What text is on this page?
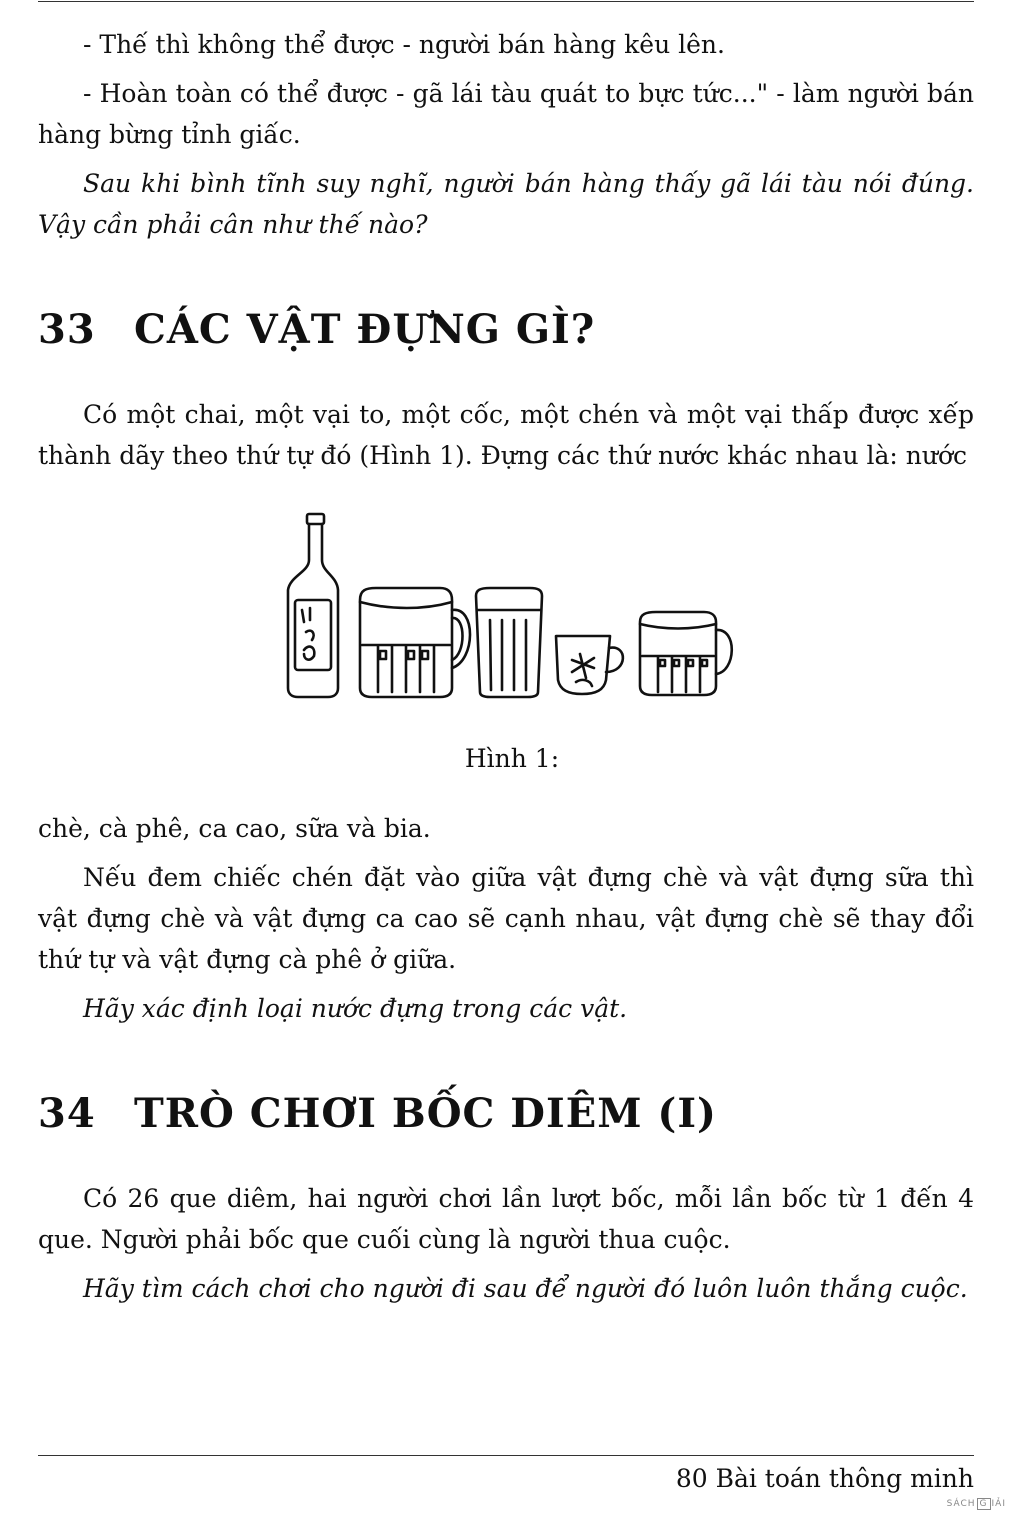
- Thế thì không thể được - người bán hàng kêu lên.

- Hoàn toàn có thể được - gã lái tàu quát to bực tức..." - làm người bán hàng bừng tỉnh giấc.

Sau khi bình tĩnh suy nghĩ, người bán hàng thấy gã lái tàu nói đúng. Vậy cần phải cân như thế nào?

33 CÁC VẬT ĐỰNG GÌ?

Có một chai, một vại to, một cốc, một chén và một vại thấp được xếp thành dãy theo thứ tự đó (Hình 1). Đựng các thứ nước khác nhau là: nước

Hình 1:

chè, cà phê, ca cao, sữa và bia.

Nếu đem chiếc chén đặt vào giữa vật đựng chè và vật đựng sữa thì vật đựng chè và vật đựng ca cao sẽ cạnh nhau, vật đựng chè sẽ thay đổi thứ tự và vật đựng cà phê ở giữa.

Hãy xác định loại nước đựng trong các vật.

34 TRÒ CHƠI BỐC DIÊM (I)

Có 26 que diêm, hai người chơi lần lượt bốc, mỗi lần bốc từ 1 đến 4 que. Người phải bốc que cuối cùng là người thua cuộc.

Hãy tìm cách chơi cho người đi sau để người đó luôn luôn thắng cuộc.

80 Bài toán thông minh
SÁCH G IẢI
